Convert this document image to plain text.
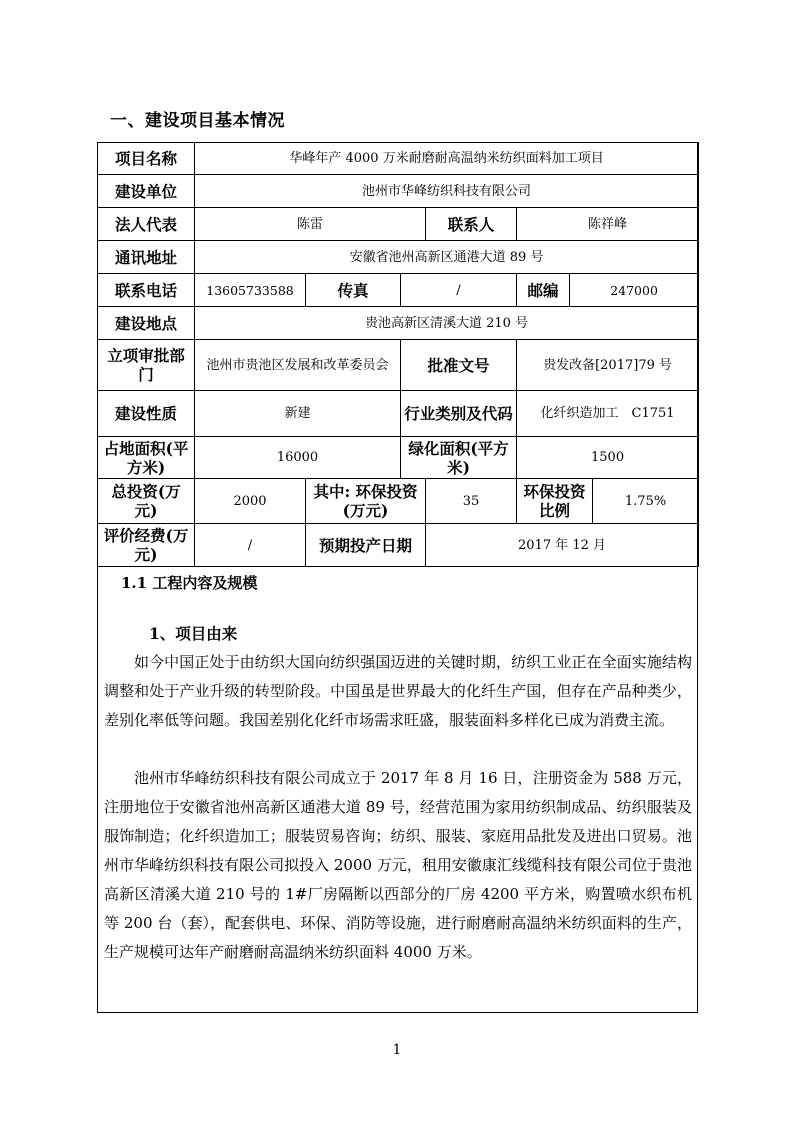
一、建设项目基本情况
项目名称	华峰年产 4000 万米耐磨耐高温纳米纺织面料加工项目						
建设单位	池州市华峰纺织科技有限公司						
法人代表	陈雷			联系人	陈祥峰		
通讯地址	安徽省池州高新区通港大道 89 号						
联系电话	13605733588	传真	/		邮编	247000	
建设地点	贵池高新区清溪大道 210 号						
立项审批部门	池州市贵池区发展和改革委员会		批准文号		贵发改备[2017]79 号		
建设性质	新建		行业类别及代码		化纤织造加工　C1751		
占地面积(平方米)	16000		绿化面积(平方米)		1500		
总投资(万元)	2000	其中: 环保投资(万元)		35	环保投资比例		1.75%
评价经费(万元)	/	预期投产日期		2017 年 12 月			
1.1 工程内容及规模
1、项目由来

如今中国正处于由纺织大国向纺织强国迈进的关键时期，纺织工业正在全面实施结构调整和处于产业升级的转型阶段。中国虽是世界最大的化纤生产国，但存在产品种类少，差别化率低等问题。我国差别化化纤市场需求旺盛，服装面料多样化已成为消费主流。

池州市华峰纺织科技有限公司成立于 2017 年 8 月 16 日，注册资金为 588 万元，注册地位于安徽省池州高新区通港大道 89 号，经营范围为家用纺织制成品、纺织服装及服饰制造；化纤织造加工；服装贸易咨询；纺织、服装、家庭用品批发及进出口贸易。池州市华峰纺织科技有限公司拟投入 2000 万元，租用安徽康汇线缆科技有限公司位于贵池高新区清溪大道 210 号的 1#厂房隔断以西部分的厂房 4200 平方米，购置喷水织布机等 200 台（套），配套供电、环保、消防等设施，进行耐磨耐高温纳米纺织面料的生产，生产规模可达年产耐磨耐高温纳米纺织面料 4000 万米。

1
